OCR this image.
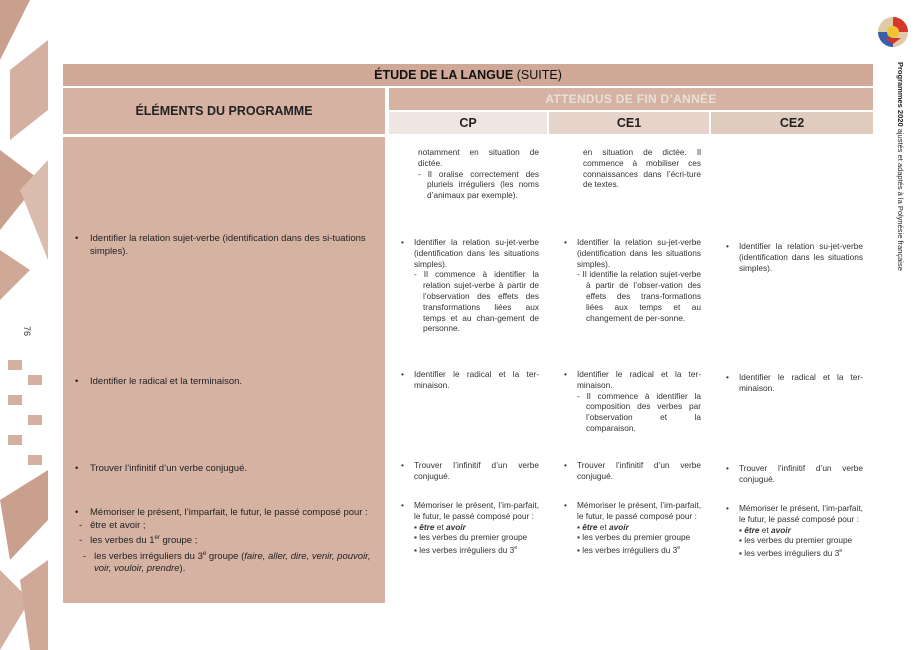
76
Programmes 2020 ajustés et adaptés à la Polynésie française
ÉTUDE DE LA LANGUE (SUITE)
ÉLÉMENTS DU PROGRAMME
ATTENDUS DE FIN D’ANNÉE
CP	CE1	CE2
• Identifier la relation sujet-verbe (identification dans des si-tuations simples).
• Identifier le radical et la terminaison.
• Trouver l’infinitif d’un verbe conjugué.
• Mémoriser le présent, l’imparfait, le futur, le passé composé pour :
-   être et avoir ;
-   les verbes du 1er groupe ;
-   les verbes irréguliers du 3e groupe (faire, aller, dire, venir, pouvoir, voir, vouloir, prendre).
notamment en situation de dictée.
- Il oralise correctement des pluriels irréguliers (les noms d’animaux par exemple).
• Identifier la relation su-jet-verbe (identification dans les situations simples).
- Il commence à identifier la relation sujet-verbe à partir de l’observation des effets des transformations liées aux temps et au chan-gement de personne.
• Identifier le radical et la ter-minaison.
• Trouver l’infinitif d’un verbe conjugué.
• Mémoriser le présent, l’im-parfait, le futur, le passé composé pour :
▪ être et avoir
▪ les verbes du premier groupe
▪ les verbes irréguliers du 3e
en situation de dictée. Il commence à mobiliser ces connaissances dans l’écri-ture de textes.
• Identifier la relation su-jet-verbe (identification dans les situations simples).
- Il identifie la relation sujet-verbe à partir de l’obser-vation des effets des trans-formations liées aux temps et au changement de per-sonne.
• Identifier le radical et la ter-minaison.
- Il commence à identifier la composition des verbes par l’observation et la comparaison.
• Trouver l’infinitif d’un verbe conjugué.
• Mémoriser le présent, l’im-parfait, le futur, le passé composé pour :
▪ être et avoir
▪ les verbes du premier groupe
▪ les verbes irréguliers du 3e
• Identifier la relation su-jet-verbe (identification dans les situations simples).
• Identifier le radical et la ter-minaison.
• Trouver l’infinitif d’un verbe conjugué.
• Mémoriser le présent, l’im-parfait, le futur, le passé composé pour :
▪ être et avoir
▪ les verbes du premier groupe
▪ les verbes irréguliers du 3e
